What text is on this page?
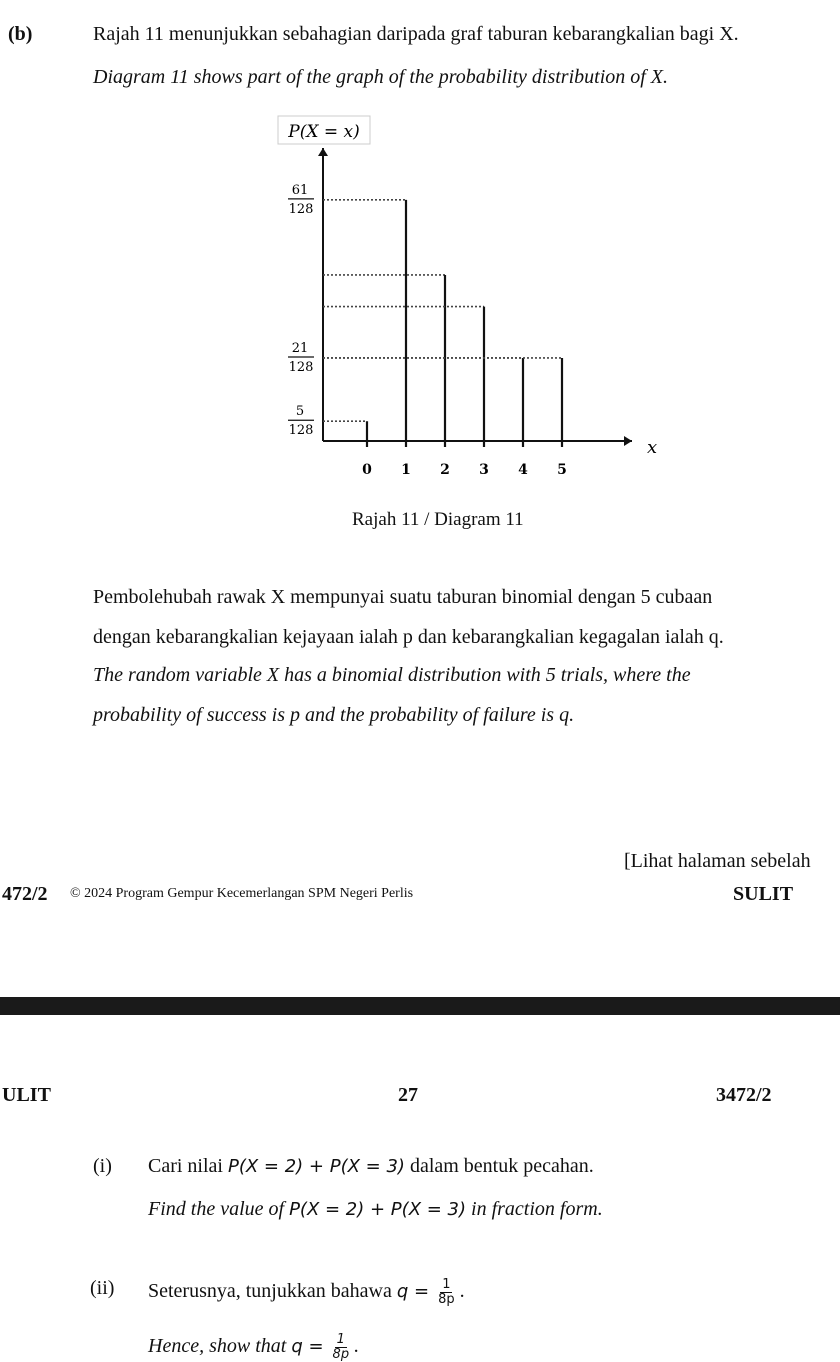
(b)	Rajah 11 menunjukkan sebahagian daripada graf taburan kebarangkalian bagi X.
Diagram 11 shows part of the graph of the probability distribution of X.
P(X = x)
x
0 1 2 3 4 5
61
128
21
128
5
128
Rajah 11 / Diagram 11
Pembolehubah rawak X mempunyai suatu taburan binomial dengan 5 cubaan
dengan kebarangkalian kejayaan ialah p dan kebarangkalian kegagalan ialah q.
The random variable X has a binomial distribution with 5 trials, where the
probability of success is p and the probability of failure is q.
[Lihat halaman sebelah
472/2 © 2024 Program Gempur Kecemerlangan SPM Negeri Perlis	SULIT
ULIT	27	3472/2
(i) Cari nilai P(X = 2) + P(X = 3) dalam bentuk pecahan.
Find the value of P(X = 2) + P(X = 3) in fraction form.
(ii) Seterusnya, tunjukkan bahawa $q = \frac{1}{8p}$ .
Hence, show that $q = \frac{1}{8p}$ .
